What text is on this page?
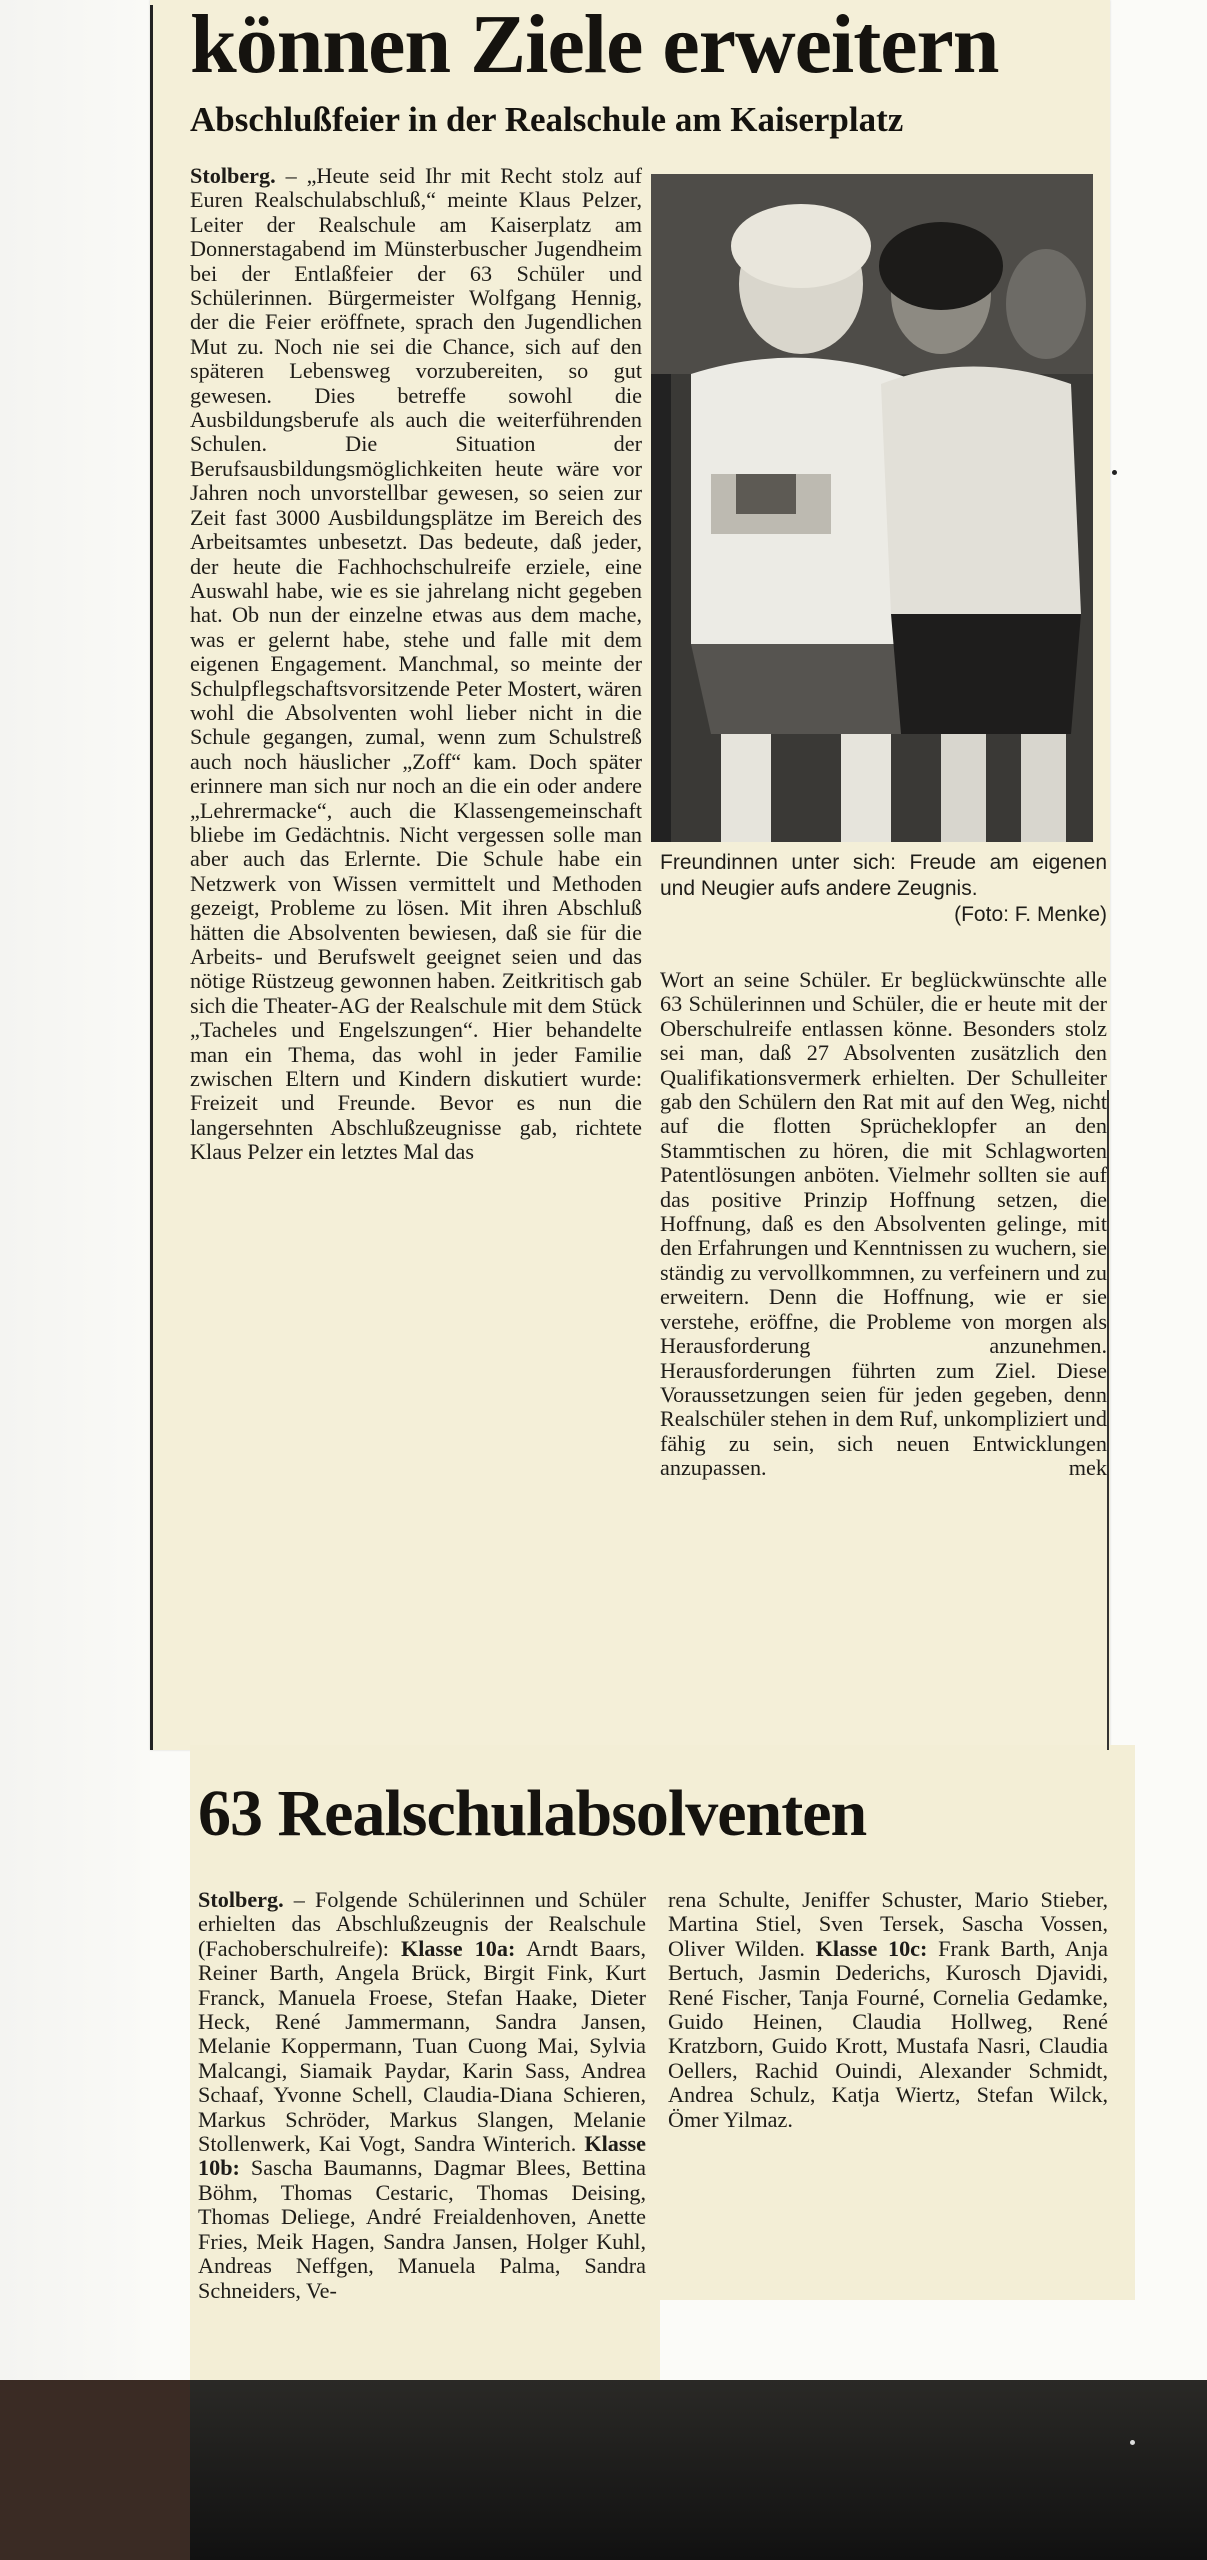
können Ziele erweitern
Abschlußfeier in der Realschule am Kaiserplatz
Stolberg. – „Heute seid Ihr mit Recht stolz auf Euren Realschulabschluß,“ meinte Klaus Pelzer, Leiter der Realschule am Kaiserplatz am Donnerstagabend im Münsterbuscher Jugendheim bei der Entlaßfeier der 63 Schüler und Schülerinnen. Bürgermeister Wolfgang Hennig, der die Feier eröffnete, sprach den Jugendlichen Mut zu. Noch nie sei die Chance, sich auf den späteren Lebensweg vorzubereiten, so gut gewesen. Dies betreffe sowohl die Ausbildungsberufe als auch die weiterführenden Schulen. Die Situation der Berufsausbildungsmöglichkeiten heute wäre vor Jahren noch unvorstellbar gewesen, so seien zur Zeit fast 3000 Ausbildungsplätze im Bereich des Arbeitsamtes unbesetzt. Das bedeute, daß jeder, der heute die Fachhochschulreife erziele, eine Auswahl habe, wie es sie jahrelang nicht gegeben hat. Ob nun der einzelne etwas aus dem mache, was er gelernt habe, stehe und falle mit dem eigenen Engagement. Manchmal, so meinte der Schulpflegschaftsvorsitzende Peter Mostert, wären wohl die Absolventen wohl lieber nicht in die Schule gegangen, zumal, wenn zum Schulstreß auch noch häuslicher „Zoff“ kam. Doch später erinnere man sich nur noch an die ein oder andere „Lehrermacke“, auch die Klassengemeinschaft bliebe im Gedächtnis. Nicht vergessen solle man aber auch das Erlernte. Die Schule habe ein Netzwerk von Wissen vermittelt und Methoden gezeigt, Probleme zu lösen. Mit ihren Abschluß hätten die Absolventen bewiesen, daß sie für die Arbeits- und Berufswelt geeignet seien und das nötige Rüstzeug gewonnen haben. Zeitkritisch gab sich die Theater-AG der Realschule mit dem Stück „Tacheles und Engelszungen“. Hier behandelte man ein Thema, das wohl in jeder Familie zwischen Eltern und Kindern diskutiert wurde: Freizeit und Freunde. Bevor es nun die langersehnten Abschlußzeugnisse gab, richtete Klaus Pelzer ein letztes Mal das
Freundinnen unter sich: Freude am eigenen und Neugier aufs andere Zeugnis.
(Foto: F. Menke)
Wort an seine Schüler. Er beglückwünschte alle 63 Schülerinnen und Schüler, die er heute mit der Oberschulreife entlassen könne. Besonders stolz sei man, daß 27 Absolventen zusätzlich den Qualifikationsvermerk erhielten. Der Schulleiter gab den Schülern den Rat mit auf den Weg, nicht auf die flotten Sprücheklopfer an den Stammtischen zu hören, die mit Schlagworten Patentlösungen anböten. Vielmehr sollten sie auf das positive Prinzip Hoffnung setzen, die Hoffnung, daß es den Absolventen gelinge, mit den Erfahrungen und Kenntnissen zu wuchern, sie ständig zu vervollkommnen, zu verfeinern und zu erweitern. Denn die Hoffnung, wie er sie verstehe, eröffne, die Probleme von morgen als Herausforderung anzunehmen. Herausforderungen führten zum Ziel. Diese Voraussetzungen seien für jeden gegeben, denn Realschüler stehen in dem Ruf, unkompliziert und fähig zu sein, sich neuen Entwicklungen anzupassen.	mek
63 Realschulabsolventen
Stolberg. – Folgende Schülerinnen und Schüler erhielten das Abschlußzeugnis der Realschule (Fachoberschulreife): Klasse 10a: Arndt Baars, Reiner Barth, Angela Brück, Birgit Fink, Kurt Franck, Manuela Froese, Stefan Haake, Dieter Heck, René Jammermann, Sandra Jansen, Melanie Koppermann, Tuan Cuong Mai, Sylvia Malcangi, Siamaik Paydar, Karin Sass, Andrea Schaaf, Yvonne Schell, Claudia-Diana Schieren, Markus Schröder, Markus Slangen, Melanie Stollenwerk, Kai Vogt, Sandra Winterich. Klasse 10b: Sascha Baumanns, Dagmar Blees, Bettina Böhm, Thomas Cestaric, Thomas Deising, Thomas Deliege, André Freialdenhoven, Anette Fries, Meik Hagen, Sandra Jansen, Holger Kuhl, Andreas Neffgen, Manuela Palma, Sandra Schneiders, Ve-
rena Schulte, Jeniffer Schuster, Mario Stieber, Martina Stiel, Sven Tersek, Sascha Vossen, Oliver Wilden. Klasse 10c: Frank Barth, Anja Bertuch, Jasmin Dederichs, Kurosch Djavidi, René Fischer, Tanja Fourné, Cornelia Gedamke, Guido Heinen, Claudia Hollweg, René Kratzborn, Guido Krott, Mustafa Nasri, Claudia Oellers, Rachid Ouindi, Alexander Schmidt, Andrea Schulz, Katja Wiertz, Stefan Wilck, Ömer Yilmaz.
